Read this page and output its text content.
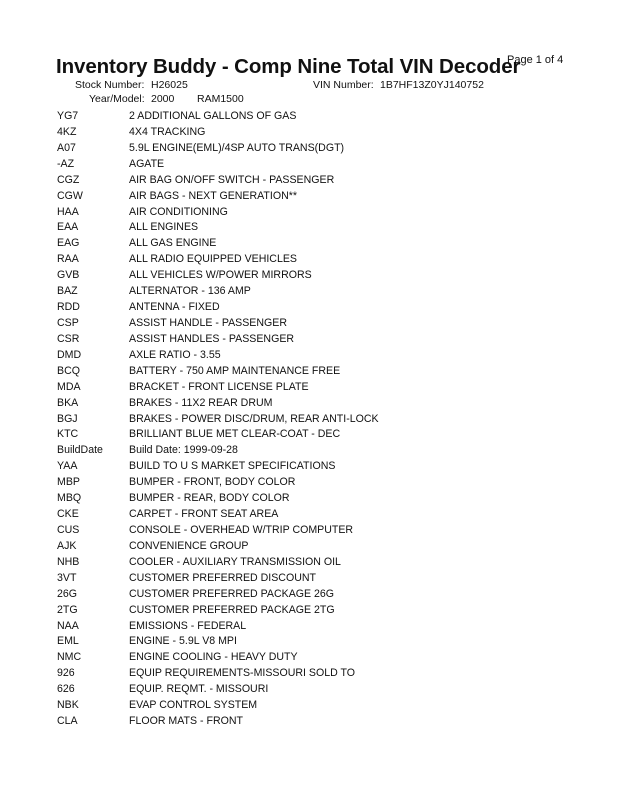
Inventory Buddy - Comp Nine Total VIN Decoder
Page 1 of 4
Stock Number: H26025	VIN Number: 1B7HF13Z0YJ140752
Year/Model: 2000 RAM1500
YG7	2 ADDITIONAL GALLONS OF GAS
4KZ	4X4 TRACKING
A07	5.9L ENGINE(EML)/4SP AUTO TRANS(DGT)
-AZ	AGATE
CGZ	AIR BAG ON/OFF SWITCH - PASSENGER
CGW	AIR BAGS - NEXT GENERATION**
HAA	AIR CONDITIONING
EAA	ALL ENGINES
EAG	ALL GAS ENGINE
RAA	ALL RADIO EQUIPPED VEHICLES
GVB	ALL VEHICLES W/POWER MIRRORS
BAZ	ALTERNATOR - 136 AMP
RDD	ANTENNA - FIXED
CSP	ASSIST HANDLE - PASSENGER
CSR	ASSIST HANDLES - PASSENGER
DMD	AXLE RATIO - 3.55
BCQ	BATTERY - 750 AMP MAINTENANCE FREE
MDA	BRACKET - FRONT LICENSE PLATE
BKA	BRAKES - 11X2 REAR DRUM
BGJ	BRAKES - POWER DISC/DRUM, REAR ANTI-LOCK
KTC	BRILLIANT BLUE MET CLEAR-COAT - DEC
BuildDate Build Date: 1999-09-28
YAA	BUILD TO U S MARKET SPECIFICATIONS
MBP	BUMPER - FRONT, BODY COLOR
MBQ	BUMPER - REAR, BODY COLOR
CKE	CARPET - FRONT SEAT AREA
CUS	CONSOLE - OVERHEAD W/TRIP COMPUTER
AJK	CONVENIENCE GROUP
NHB	COOLER - AUXILIARY TRANSMISSION OIL
3VT	CUSTOMER PREFERRED DISCOUNT
26G	CUSTOMER PREFERRED PACKAGE 26G
2TG	CUSTOMER PREFERRED PACKAGE 2TG
NAA	EMISSIONS - FEDERAL
EML	ENGINE - 5.9L V8 MPI
NMC	ENGINE COOLING - HEAVY DUTY
926	EQUIP REQUIREMENTS-MISSOURI SOLD TO
626	EQUIP. REQMT. - MISSOURI
NBK	EVAP CONTROL SYSTEM
CLA	FLOOR MATS - FRONT
